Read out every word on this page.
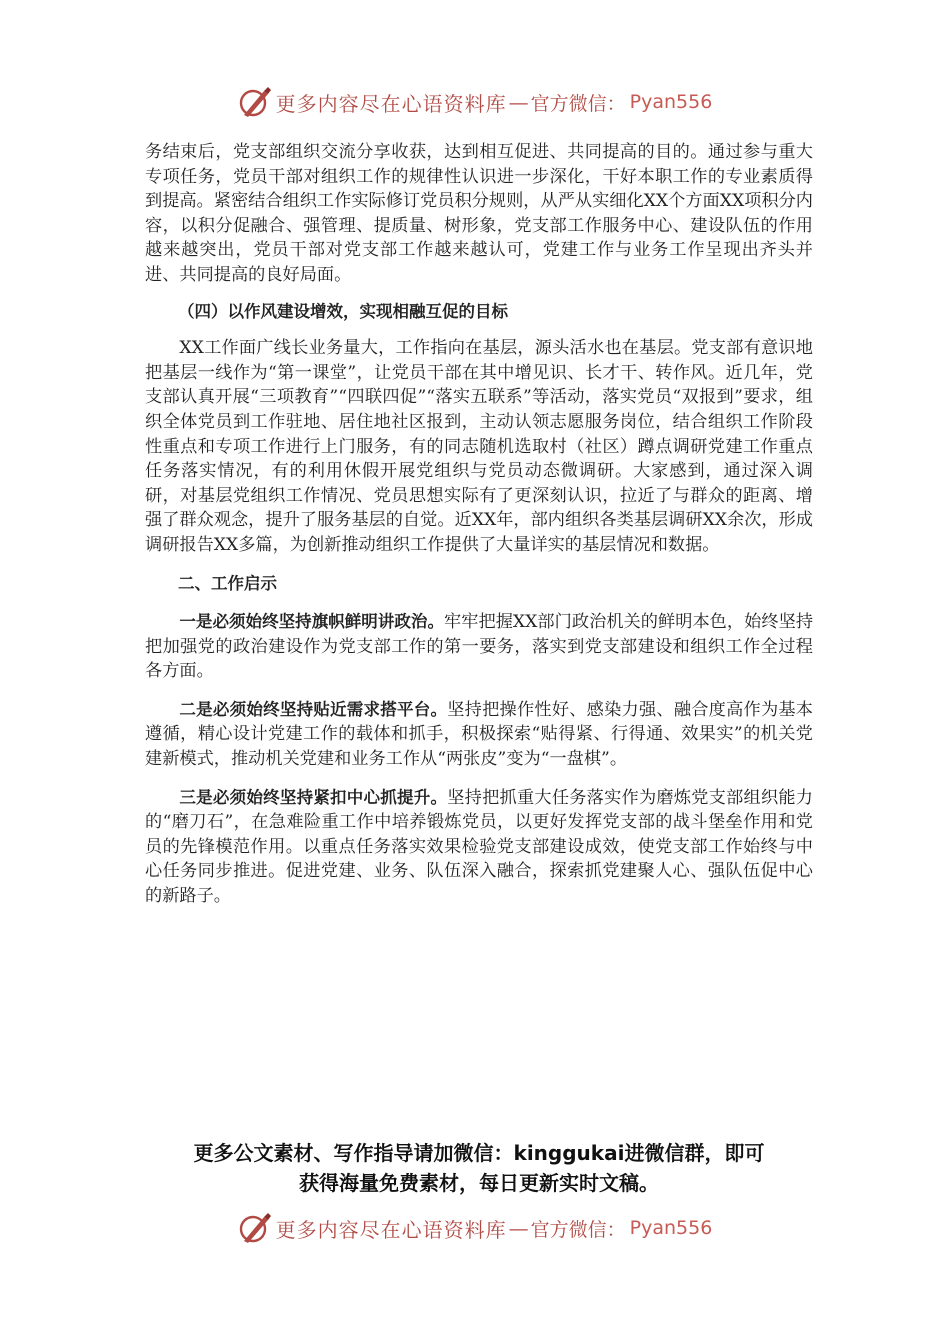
更多内容尽在心语资料库 — 官方微信： Pyan556

务结束后，党支部组织交流分享收获，达到相互促进、共同提高的目的。通过参与重大专项任务，党员干部对组织工作的规律性认识进一步深化，干好本职工作的专业素质得到提高。紧密结合组织工作实际修订党员积分规则，从严从实细化XX个方面XX项积分内容，以积分促融合、强管理、提质量、树形象，党支部工作服务中心、建设队伍的作用越来越突出，党员干部对党支部工作越来越认可，党建工作与业务工作呈现出齐头并进、共同提高的良好局面。

（四）以作风建设增效，实现相融互促的目标

XX工作面广线长业务量大，工作指向在基层，源头活水也在基层。党支部有意识地把基层一线作为“第一课堂”，让党员干部在其中增见识、长才干、转作风。近几年，党支部认真开展“三项教育”“四联四促”“落实五联系”等活动，落实党员“双报到”要求，组织全体党员到工作驻地、居住地社区报到，主动认领志愿服务岗位，结合组织工作阶段性重点和专项工作进行上门服务，有的同志随机选取村（社区）蹲点调研党建工作重点任务落实情况，有的利用休假开展党组织与党员动态微调研。大家感到，通过深入调研，对基层党组织工作情况、党员思想实际有了更深刻认识，拉近了与群众的距离、增强了群众观念，提升了服务基层的自觉。近XX年，部内组织各类基层调研XX余次，形成调研报告XX多篇，为创新推动组织工作提供了大量详实的基层情况和数据。

二、工作启示

一是必须始终坚持旗帜鲜明讲政治。牢牢把握XX部门政治机关的鲜明本色，始终坚持把加强党的政治建设作为党支部工作的第一要务，落实到党支部建设和组织工作全过程各方面。

二是必须始终坚持贴近需求搭平台。坚持把操作性好、感染力强、融合度高作为基本遵循，精心设计党建工作的载体和抓手，积极探索“贴得紧、行得通、效果实”的机关党建新模式，推动机关党建和业务工作从“两张皮”变为“一盘棋”。

三是必须始终坚持紧扣中心抓提升。坚持把抓重大任务落实作为磨炼党支部组织能力的“磨刀石”，在急难险重工作中培养锻炼党员，以更好发挥党支部的战斗堡垒作用和党员的先锋模范作用。以重点任务落实效果检验党支部建设成效，使党支部工作始终与中心任务同步推进。促进党建、业务、队伍深入融合，探索抓党建聚人心、强队伍促中心的新路子。

更多公文素材、写作指导请加微信：kinggukai进微信群，即可
获得海量免费素材，每日更新实时文稿。
更多内容尽在心语资料库 — 官方微信： Pyan556
